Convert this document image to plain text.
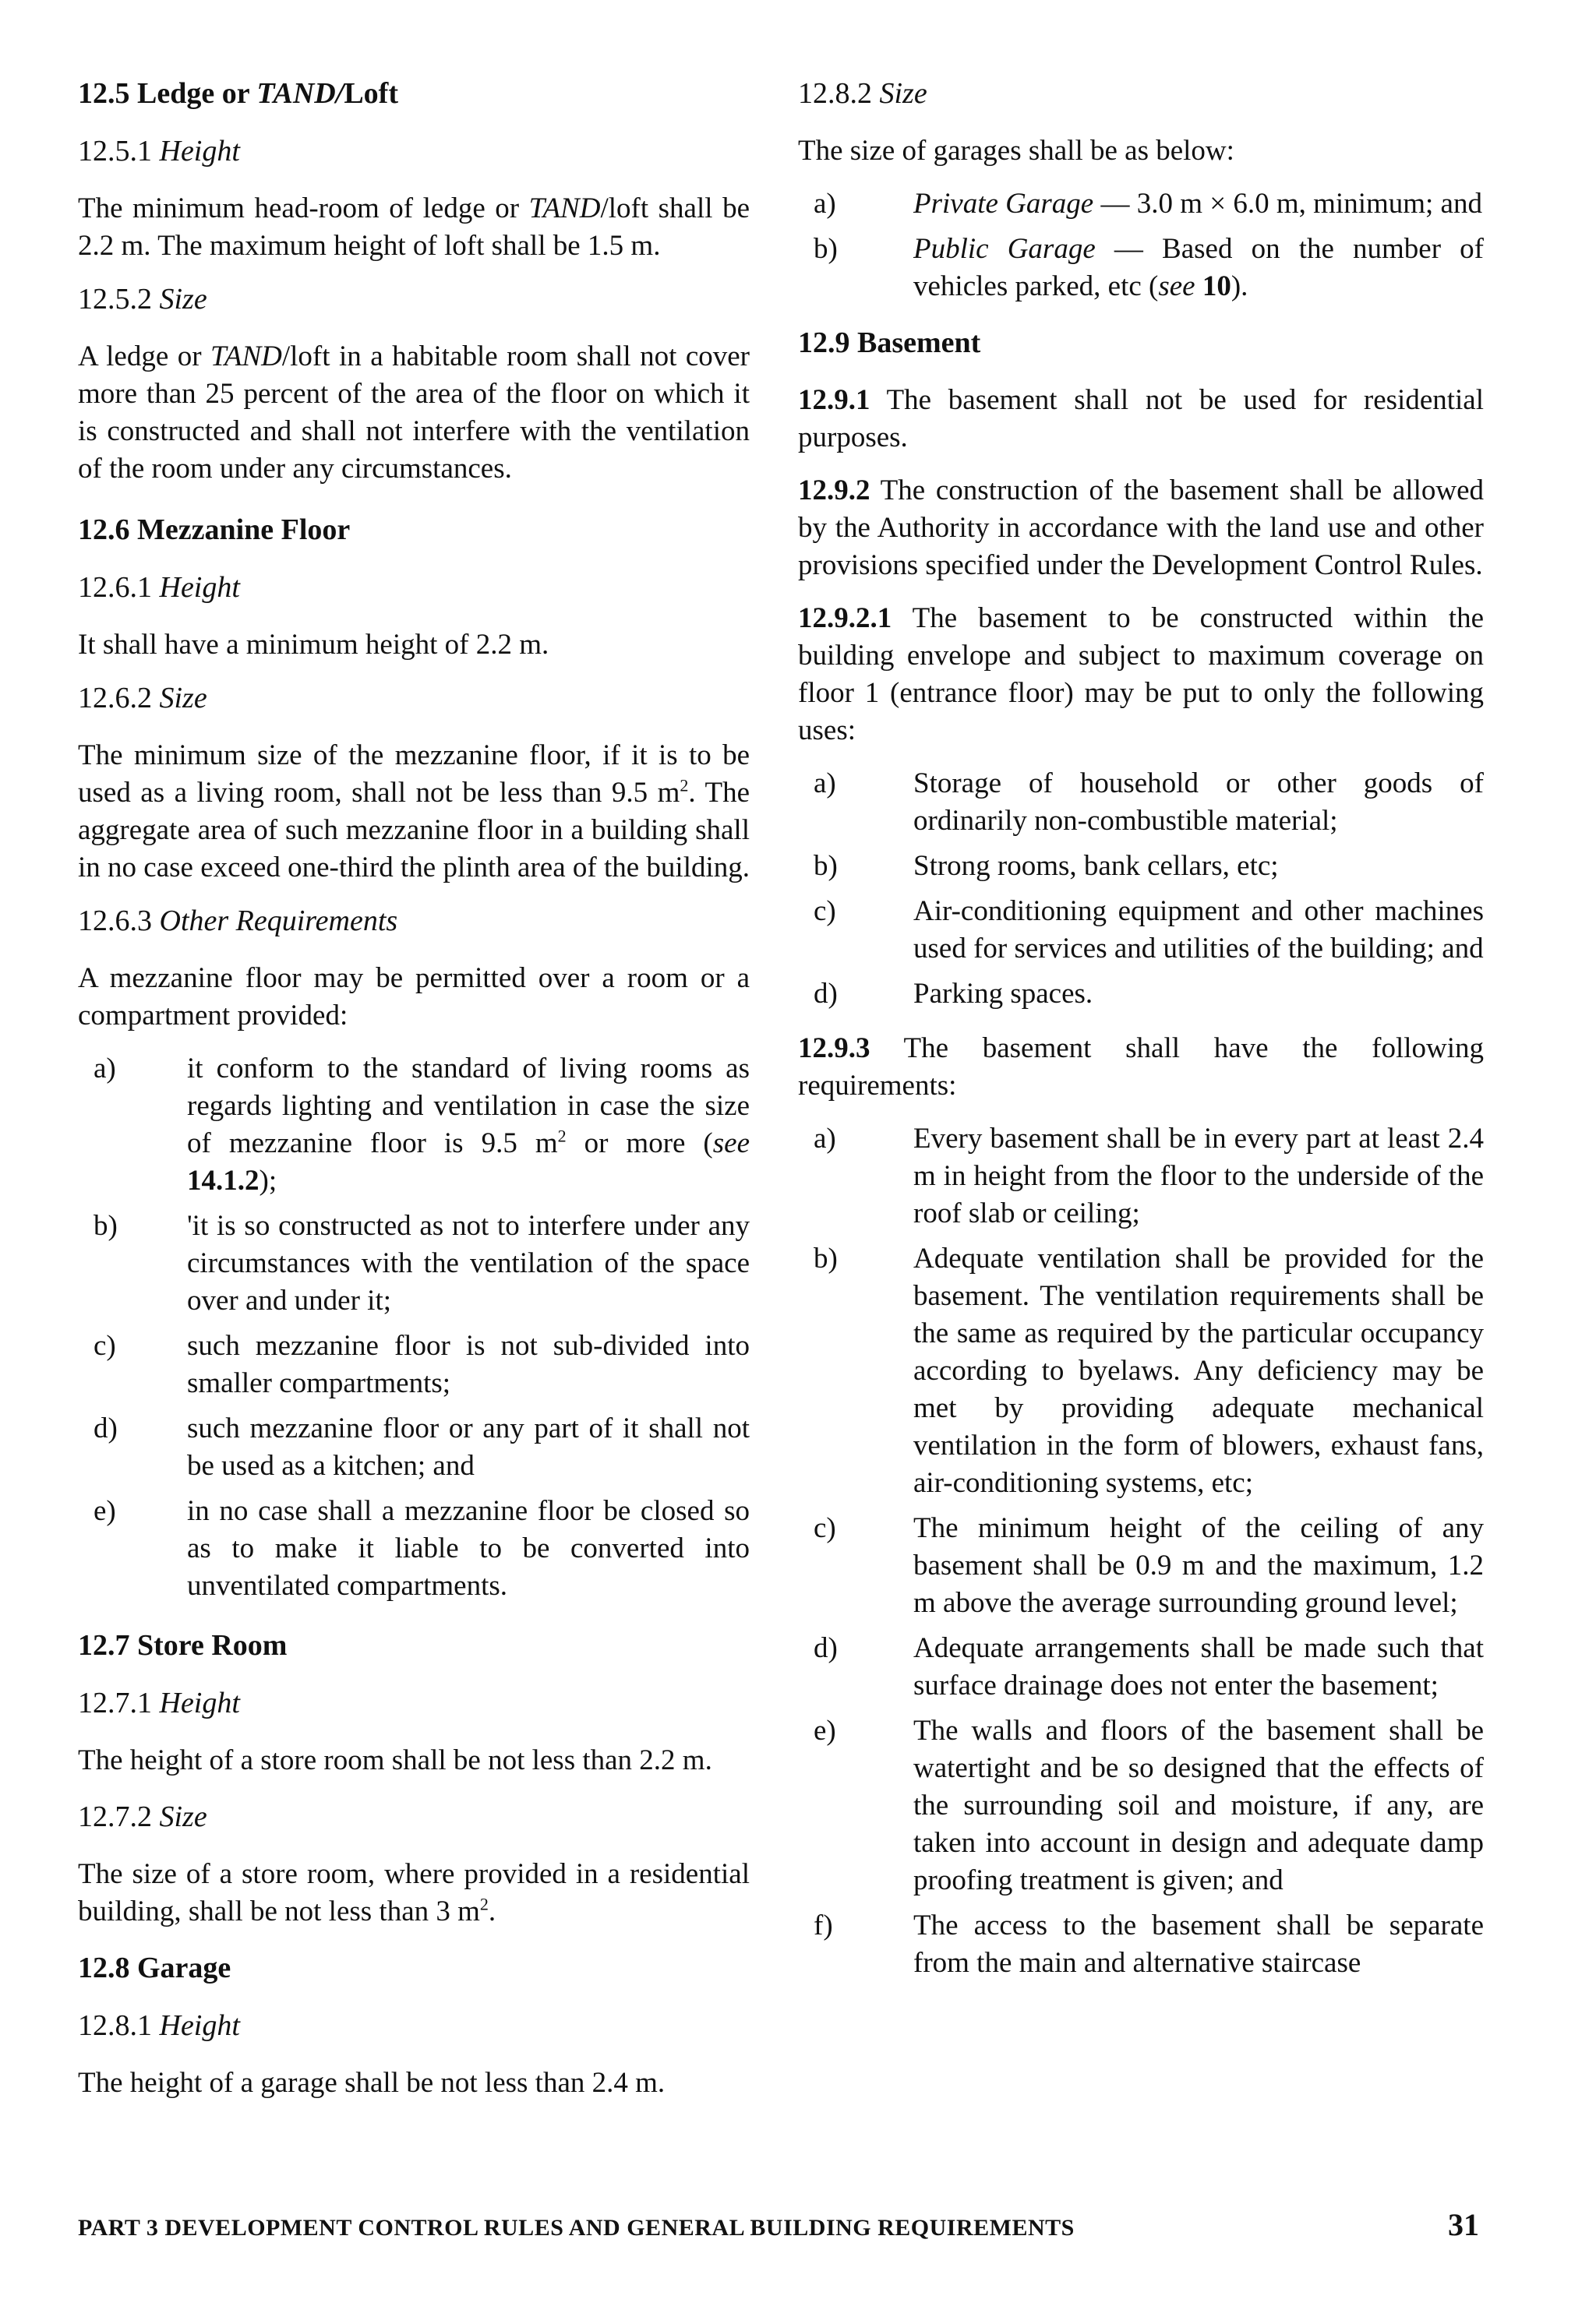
12.5 Ledge or TAND/Loft
12.5.1 Height

The minimum head-room of ledge or TAND/loft shall be 2.2 m. The maximum height of loft shall be 1.5 m.

12.5.2 Size

A ledge or TAND/loft in a habitable room shall not cover more than 25 percent of the area of the floor on which it is constructed and shall not interfere with the ventilation of the room under any circumstances.

12.6 Mezzanine Floor
12.6.1 Height

It shall have a minimum height of 2.2 m.

12.6.2 Size

The minimum size of the mezzanine floor, if it is to be used as a living room, shall not be less than 9.5 $m^2$. The aggregate area of such mezzanine floor in a building shall in no case exceed one-third the plinth area of the building.

12.6.3 Other Requirements

A mezzanine floor may be permitted over a room or a compartment provided:

a)	it conform to the standard of living rooms as regards lighting and ventilation in case the size of mezzanine floor is 9.5 $m^2$ or more (see 14.1.2);
b)	'it is so constructed as not to interfere under any circumstances with the ventilation of the space over and under it;
c)	such mezzanine floor is not sub-divided into smaller compartments;
d)	such mezzanine floor or any part of it shall not be used as a kitchen; and
e)	in no case shall a mezzanine floor be closed so as to make it liable to be converted into unventilated compartments.
12.7 Store Room
12.7.1 Height

The height of a store room shall be not less than 2.2 m.

12.7.2 Size

The size of a store room, where provided in a residential building, shall be not less than 3 $m^2$.

12.8 Garage
12.8.1 Height

The height of a garage shall be not less than 2.4 m.

12.8.2 Size

The size of garages shall be as below:

a)	Private Garage — 3.0 m × 6.0 m, minimum; and
b)	Public Garage — Based on the number of vehicles parked, etc (see 10).
12.9 Basement

12.9.1 The basement shall not be used for residential purposes.

12.9.2 The construction of the basement shall be allowed by the Authority in accordance with the land use and other provisions specified under the Development Control Rules.

12.9.2.1 The basement to be constructed within the building envelope and subject to maximum coverage on floor 1 (entrance floor) may be put to only the following uses:

a)	Storage of household or other goods of ordinarily non-combustible material;
b)	Strong rooms, bank cellars, etc;
c)	Air-conditioning equipment and other machines used for services and utilities of the building; and
d)	Parking spaces.

12.9.3 The basement shall have the following requirements:

a)	Every basement shall be in every part at least 2.4 m in height from the floor to the underside of the roof slab or ceiling;
b)	Adequate ventilation shall be provided for the basement. The ventilation requirements shall be the same as required by the particular occupancy according to byelaws. Any deficiency may be met by providing adequate mechanical ventilation in the form of blowers, exhaust fans, air-conditioning systems, etc;
c)	The minimum height of the ceiling of any basement shall be 0.9 m and the maximum, 1.2 m above the average surrounding ground level;
d)	Adequate arrangements shall be made such that surface drainage does not enter the basement;
e)	The walls and floors of the basement shall be watertight and be so designed that the effects of the surrounding soil and moisture, if any, are taken into account in design and adequate damp proofing treatment is given; and
f)	The access to the basement shall be separate from the main and alternative staircase
PART 3 DEVELOPMENT CONTROL RULES AND GENERAL BUILDING REQUIREMENTS	31
